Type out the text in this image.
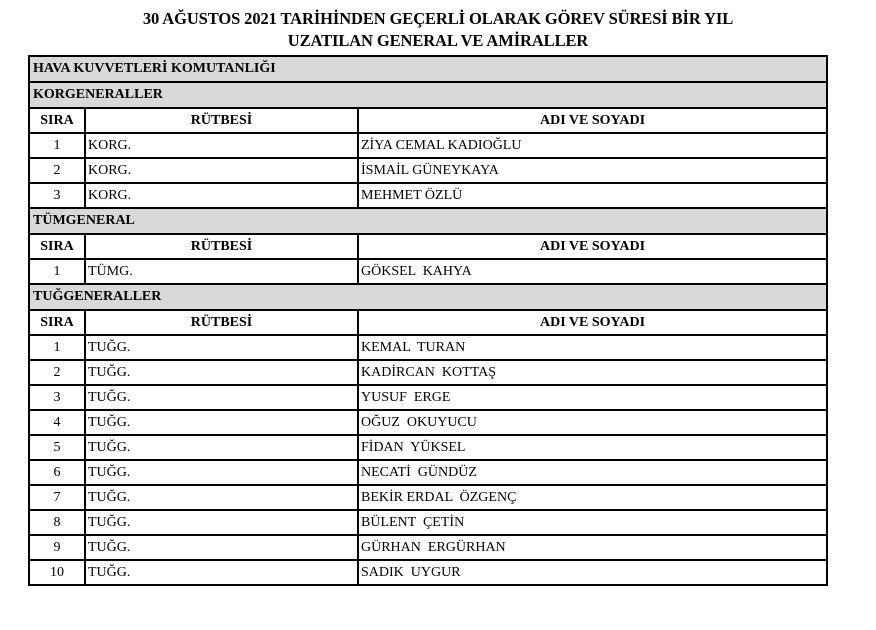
30 AĞUSTOS 2021 TARİHİNDEN GEÇERLİ OLARAK GÖREV SÜRESİ BİR YIL
UZATILAN GENERAL VE AMİRALLER
HAVA KUVVETLERİ KOMUTANLIĞI		
KORGENERALLER		
SIRA	RÜTBESİ	ADI VE SOYADI
1	KORG.	ZİYA CEMAL KADIOĞLU
2	KORG.	İSMAİL GÜNEYKAYA
3	KORG.	MEHMET ÖZLÜ
TÜMGENERAL		
SIRA	RÜTBESİ	ADI VE SOYADI
1	TÜMG.	GÖKSEL  KAHYA
TUĞGENERALLER		
SIRA	RÜTBESİ	ADI VE SOYADI
1	TUĞG.	KEMAL  TURAN
2	TUĞG.	KADİRCAN  KOTTAŞ
3	TUĞG.	YUSUF  ERGE
4	TUĞG.	OĞUZ  OKUYUCU
5	TUĞG.	FİDAN  YÜKSEL
6	TUĞG.	NECATİ  GÜNDÜZ
7	TUĞG.	BEKİR ERDAL  ÖZGENÇ
8	TUĞG.	BÜLENT  ÇETİN
9	TUĞG.	GÜRHAN  ERGÜRHAN
10	TUĞG.	SADIK  UYGUR
